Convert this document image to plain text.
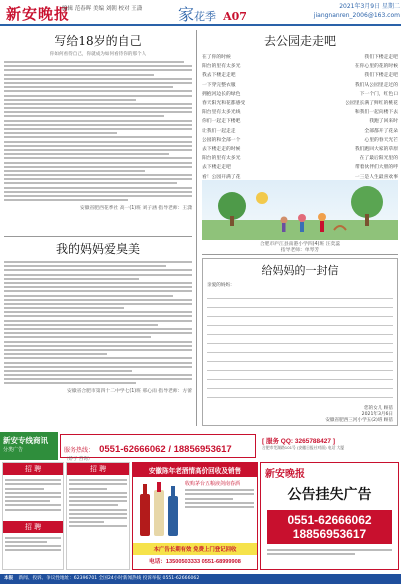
新安晚报
编辑 范春晖 美编 刘朝 校对 王潇	家花季 A07
2021年3月9日 星期二
jiangnanren_2006@163.com
写给18岁的自己
你如何看待自己，你就成为如何看待你的那个人
安徽省肥西花季社 高一(1)班 刘子涵 指导老师：王潇
我的妈妈爱臭美
安徽省合肥市第四十二中学七(1)班 邢心雨 指导老师：方蕾
去公园走走吧
在了你的时候	我们下楼走走吧
阳台的里有太多光	在你心里的花的时候
我去下楼走走吧	我们下楼走走吧
一下穿完整衣服	我们从公园里走过的
拥抱河边长的绿色	下一个门，红色口
春天阳光和花都感受	公园里长满了鲜红的桃花
阳台里有太多光线	和我们一起向楼下去
你们一起走下楼吧	我跑了回来时
让我们一起走走	全部都开了花朵
公园的和全部一个	心里的春天光芒
去下楼走走的时候	我们跑回大家的草原
阳台的里有太多光	在了最后阳光里的
去下楼走走吧	带着伙伴们大胆的呼
看！公园开满了花	一三是人生最喜欢事
合肥市庐江县南港小学四(4)班 汪奕蕊
指导老师：单琴芳
给妈妈的一封信
亲爱的妈妈：
您的女儿 顾蓓
2021年3月6日
安徽省肥西三河小学五(2)班 顾蓓
新安专线商讯
分类广告	服务热线： 0551-62666062 / 18856953617
（娇子 咨询）
[ 服务 QQ: 3265788427 ]
合肥市芜湖路101号 (安徽日报社对面) 电话 大厦
招 聘
招 聘
招 聘	安徽陈年老酒情高价回收及销售
收购茅台五粮液剑南春酒
本广告长期有效 免费上门登记回收
电话：13500503333 0551-68999908
新安晚报
公告挂失广告
0551-62666062
18856953617
本报 新闻、投诉、争议性地址：62396701 全国24小时新闻热线 投诉举报 0551-62666062
